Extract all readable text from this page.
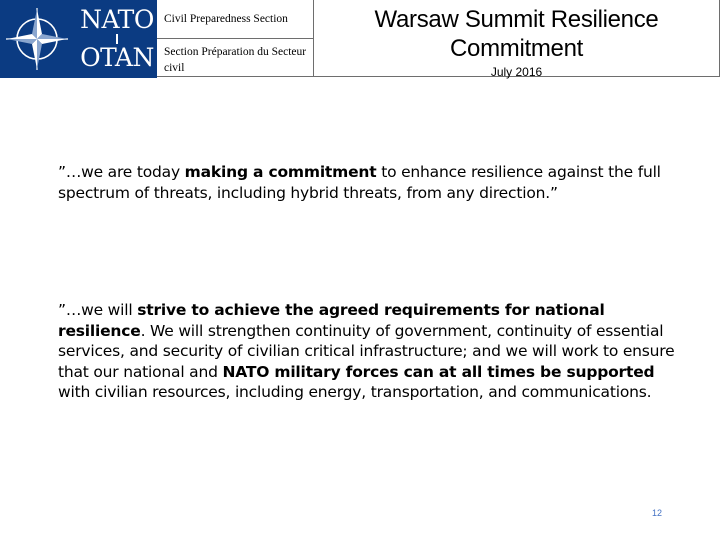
NATO
OTAN
Civil Preparedness Section
Section Préparation du Secteur civil
Warsaw Summit Resilience Commitment
July 2016
”…we are today making a commitment to enhance resilience against the full spectrum of threats, including hybrid threats, from any direction.”
”…we will strive to achieve the agreed requirements for national resilience. We will strengthen continuity of government, continuity of essential services, and security of civilian critical infrastructure; and we will work to ensure that our national and NATO military forces can at all times be supported with civilian resources, including energy, transportation, and communications.
12
